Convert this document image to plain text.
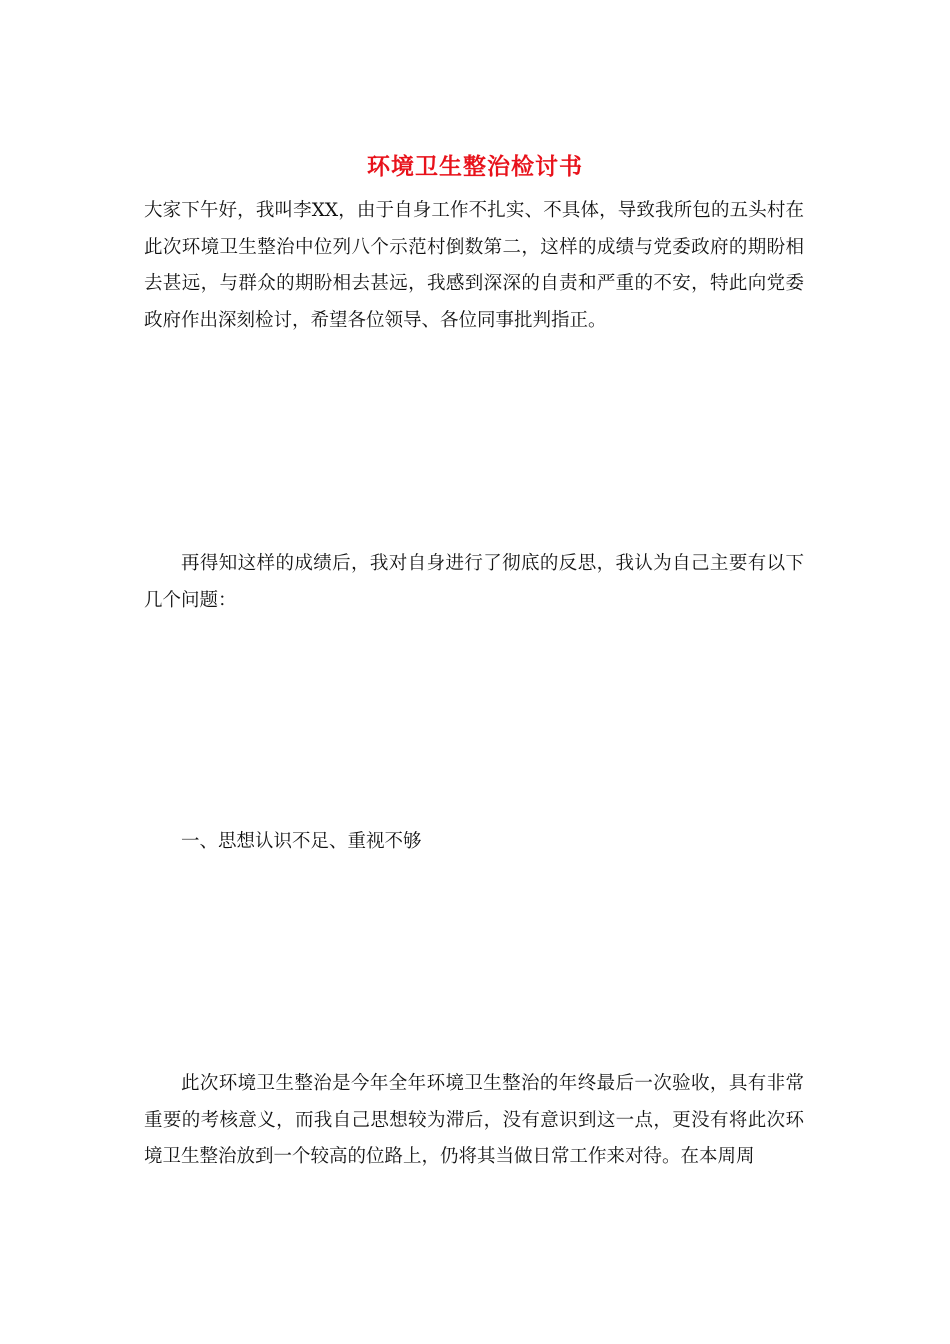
环境卫生整治检讨书

大家下午好，我叫李XX，由于自身工作不扎实、不具体，导致我所包的五头村在此次环境卫生整治中位列八个示范村倒数第二，这样的成绩与党委政府的期盼相去甚远，与群众的期盼相去甚远，我感到深深的自责和严重的不安，特此向党委政府作出深刻检讨，希望各位领导、各位同事批判指正。

再得知这样的成绩后，我对自身进行了彻底的反思，我认为自己主要有以下几个问题：

一、思想认识不足、重视不够

此次环境卫生整治是今年全年环境卫生整治的年终最后一次验收，具有非常重要的考核意义，而我自己思想较为滞后，没有意识到这一点，更没有将此次环境卫生整治放到一个较高的位路上，仍将其当做日常工作来对待。在本周周
